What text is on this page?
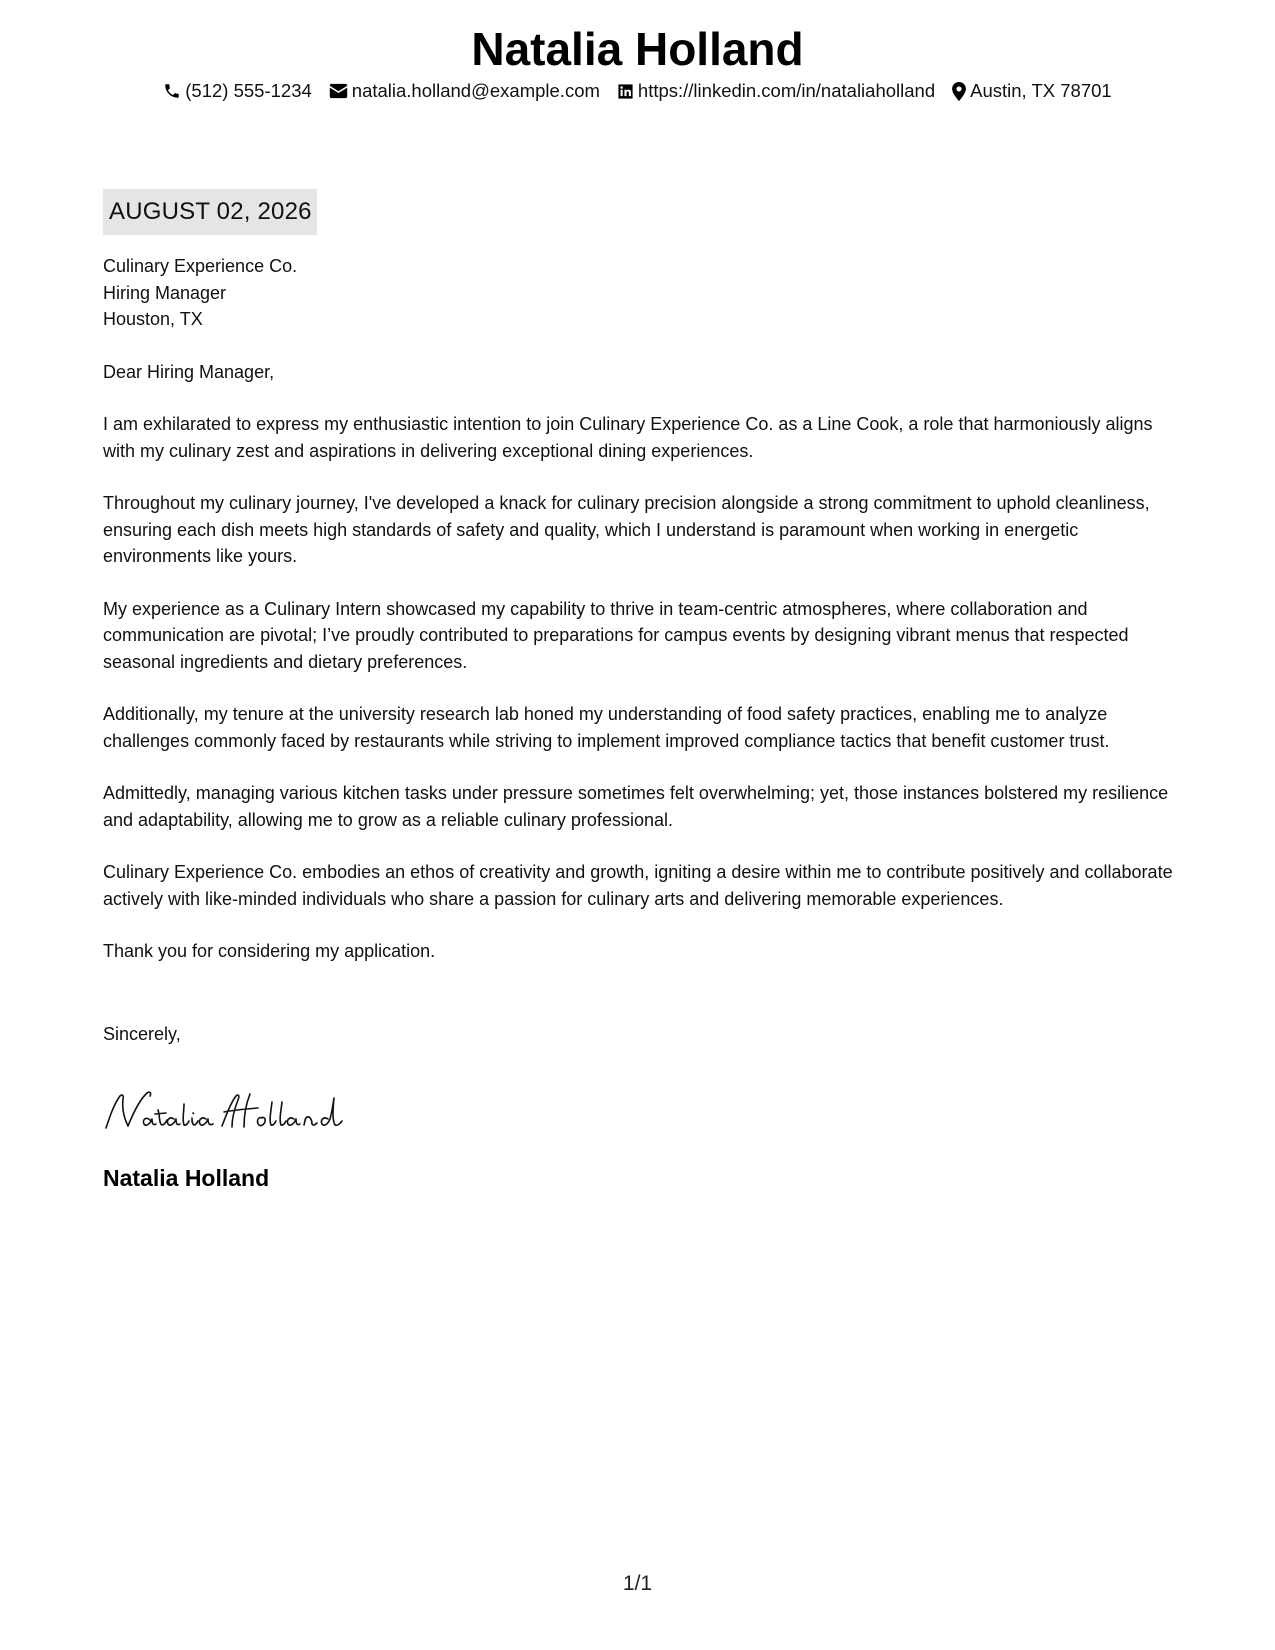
Natalia Holland
(512) 555-1234 natalia.holland@example.com https://linkedin.com/in/nataliaholland Austin, TX 78701
AUGUST 02, 2026
Culinary Experience Co.
Hiring Manager
Houston, TX
Dear Hiring Manager,

I am exhilarated to express my enthusiastic intention to join Culinary Experience Co. as a Line Cook, a role that harmoniously aligns with my culinary zest and aspirations in delivering exceptional dining experiences.

Throughout my culinary journey, I've developed a knack for culinary precision alongside a strong commitment to uphold cleanliness, ensuring each dish meets high standards of safety and quality, which I understand is paramount when working in energetic environments like yours.

My experience as a Culinary Intern showcased my capability to thrive in team-centric atmospheres, where collaboration and communication are pivotal; I’ve proudly contributed to preparations for campus events by designing vibrant menus that respected seasonal ingredients and dietary preferences.

Additionally, my tenure at the university research lab honed my understanding of food safety practices, enabling me to analyze challenges commonly faced by restaurants while striving to implement improved compliance tactics that benefit customer trust.

Admittedly, managing various kitchen tasks under pressure sometimes felt overwhelming; yet, those instances bolstered my resilience and adaptability, allowing me to grow as a reliable culinary professional.

Culinary Experience Co. embodies an ethos of creativity and growth, igniting a desire within me to contribute positively and collaborate actively with like-minded individuals who share a passion for culinary arts and delivering memorable experiences.

Thank you for considering my application.

Sincerely,
Natalia Holland
1/1
